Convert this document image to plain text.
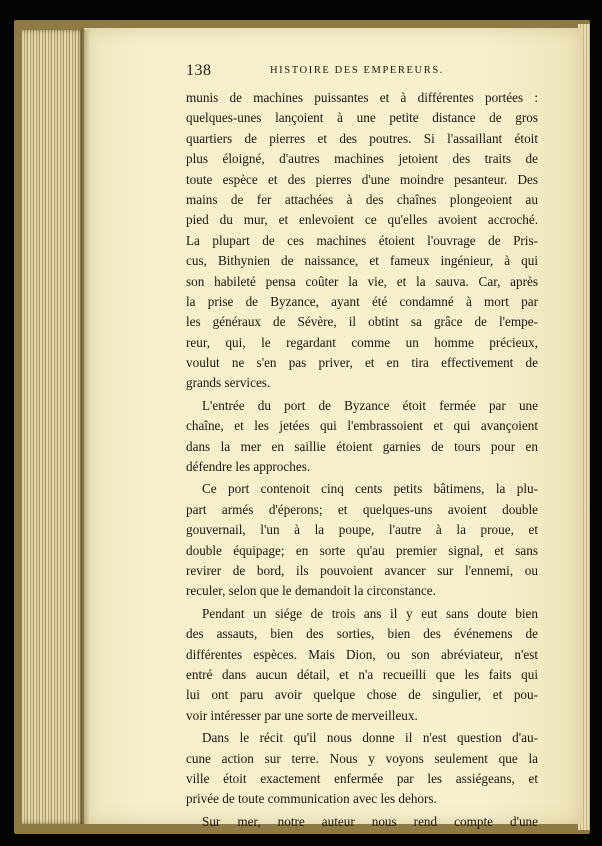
138	HISTOIRE DES EMPEREURS.
munis de machines puissantes et à différentes portées :
quelques-unes lançoient à une petite distance de gros
quartiers de pierres et des poutres. Si l'assaillant étoit
plus éloigné, d'autres machines jetoient des traits de
toute espèce et des pierres d'une moindre pesanteur. Des
mains de fer attachées à des chaînes plongeoient au
pied du mur, et enlevoient ce qu'elles avoient accroché.
La plupart de ces machines étoient l'ouvrage de Pris-
cus, Bithynien de naissance, et fameux ingénieur, à qui
son habileté pensa coûter la vie, et la sauva. Car, après
la prise de Byzance, ayant été condamné à mort par
les généraux de Sévère, il obtint sa grâce de l'empe-
reur, qui, le regardant comme un homme précieux,
voulut ne s'en pas priver, et en tira effectivement de
grands services.
L'entrée du port de Byzance étoit fermée par une
chaîne, et les jetées qui l'embrassoient et qui avançoient
dans la mer en saillie étoient garnies de tours pour en
défendre les approches.
Ce port contenoit cinq cents petits bâtimens, la plu-
part armés d'éperons; et quelques-uns avoient double
gouvernail, l'un à la poupe, l'autre à la proue, et
double équipage; en sorte qu'au premier signal, et sans
revirer de bord, ils pouvoient avancer sur l'ennemi, ou
reculer, selon que le demandoit la circonstance.
Pendant un siége de trois ans il y eut sans doute bien
des assauts, bien des sorties, bien des événemens de
différentes espèces. Mais Dion, ou son abréviateur, n'est
entré dans aucun détail, et n'a recueilli que les faits qui
lui ont paru avoir quelque chose de singulier, et pou-
voir intéresser par une sorte de merveilleux.
Dans le récit qu'il nous donne il n'est question d'au-
cune action sur terre. Nous y voyons seulement que la
ville étoit exactement enfermée par les assiégeans, et
privée de toute communication avec les dehors.
Sur mer, notre auteur nous rend compte d'une
